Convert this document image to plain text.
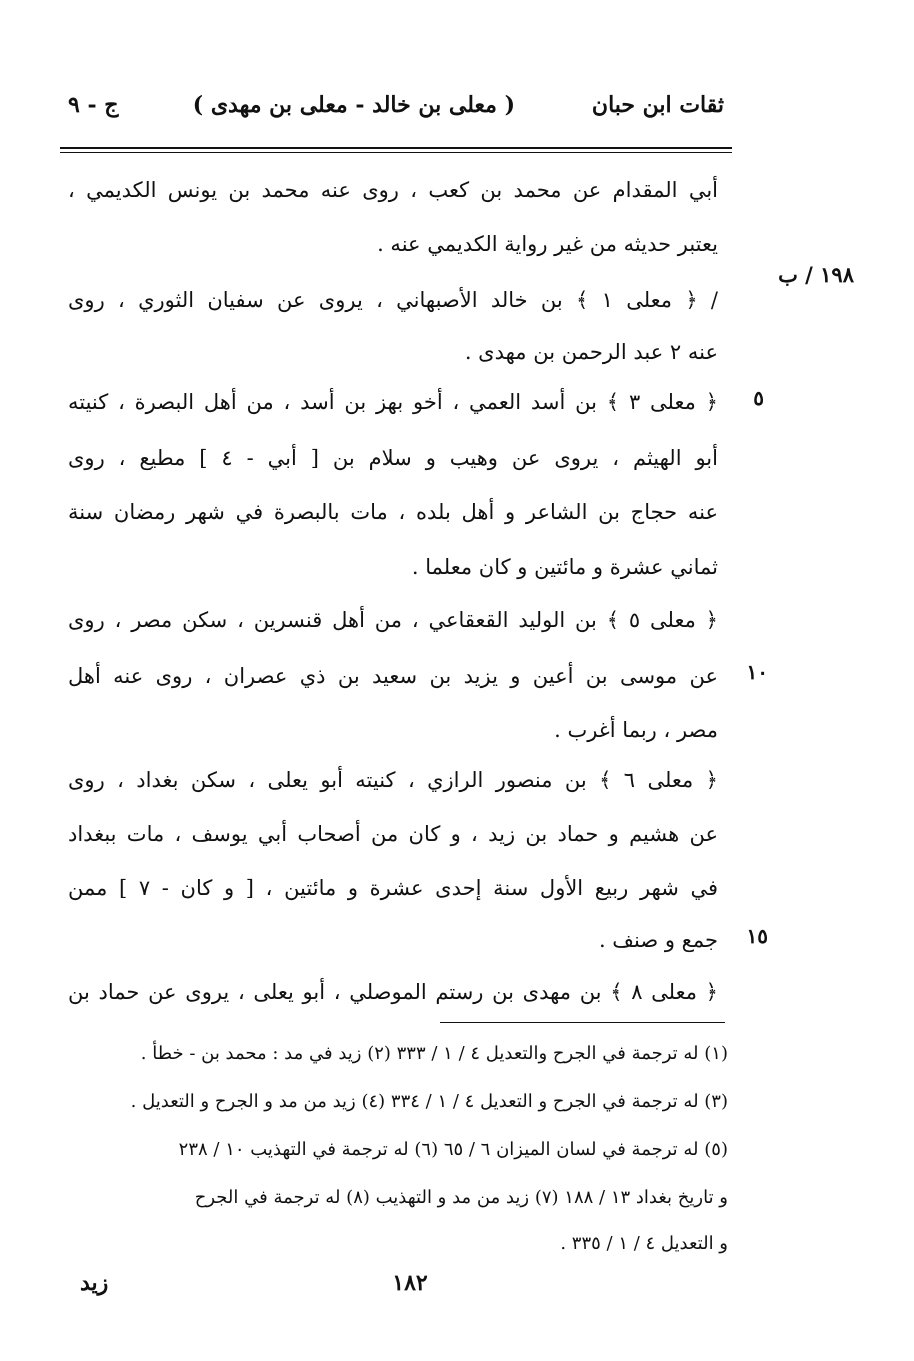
ثقات ابن حبان
( معلى بن خالد - معلى بن مهدى )
ج - ٩
١٩٨ / ب
٥
١٠
١٥
أبي المقدام عن محمد بن كعب ، روى عنه محمد بن يونس الكديمي ،
يعتبر حديثه من غير رواية الكديمي عنه .
/ ﴿ معلى ١ ﴾ بن خالد الأصبهاني ، يروى عن سفيان الثوري ، روى
عنه ٢ عبد الرحمن بن مهدى .
﴿ معلى ٣ ﴾ بن أسد العمي ، أخو بهز بن أسد ، من أهل البصرة ، كنيته
أبو الهيثم ، يروى عن وهيب و سلام بن [ أبي - ٤ ] مطيع ، روى
عنه حجاج بن الشاعر و أهل بلده ، مات بالبصرة في شهر رمضان سنة
ثماني عشرة و مائتين و كان معلما .
﴿ معلى ٥ ﴾ بن الوليد القعقاعي ، من أهل قنسرين ، سكن مصر ، روى
عن موسى بن أعين و يزيد بن سعيد بن ذي عصران ، روى عنه أهل
مصر ، ربما أغرب .
﴿ معلى ٦ ﴾ بن منصور الرازي ، كنيته أبو يعلى ، سكن بغداد ، روى
عن هشيم و حماد بن زيد ، و كان من أصحاب أبي يوسف ، مات ببغداد
في شهر ربيع الأول سنة إحدى عشرة و مائتين ، [ و كان - ٧ ] ممن
جمع و صنف .
﴿ معلى ٨ ﴾ بن مهدى بن رستم الموصلي ، أبو يعلى ، يروى عن حماد بن
(١) له ترجمة في الجرح والتعديل ٤ / ١ / ٣٣٣ (٢) زيد في مد : محمد بن - خطأ .
(٣) له ترجمة في الجرح و التعديل ٤ / ١ / ٣٣٤ (٤) زيد من مد و الجرح و التعديل .
(٥) له ترجمة في لسان الميزان ٦ / ٦٥ (٦) له ترجمة في التهذيب ١٠ / ٢٣٨
و تاريخ بغداد ١٣ / ١٨٨ (٧) زيد من مد و التهذيب (٨) له ترجمة في الجرح
و التعديل ٤ / ١ / ٣٣٥ .
١٨٢
زيد
